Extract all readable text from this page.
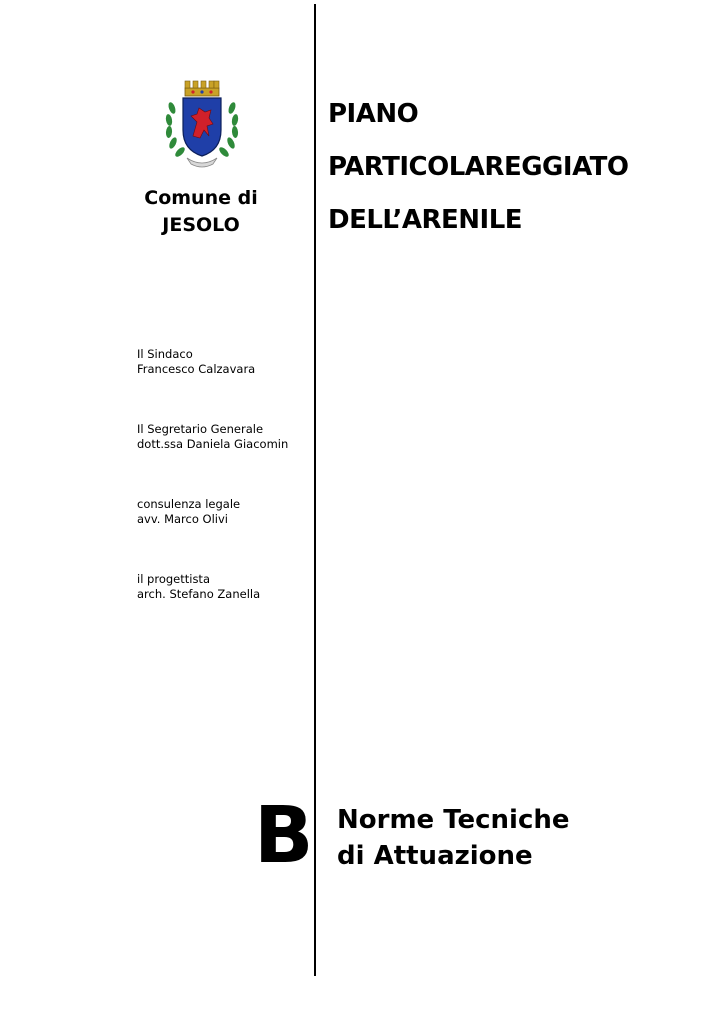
Comune di
JESOLO
PIANO
PARTICOLAREGGIATO
DELL’ARENILE
Il Sindaco
Francesco Calzavara
Il Segretario Generale
dott.ssa Daniela Giacomin
consulenza legale
avv. Marco Olivi
il progettista
arch. Stefano Zanella
B Norme Tecniche
di Attuazione
